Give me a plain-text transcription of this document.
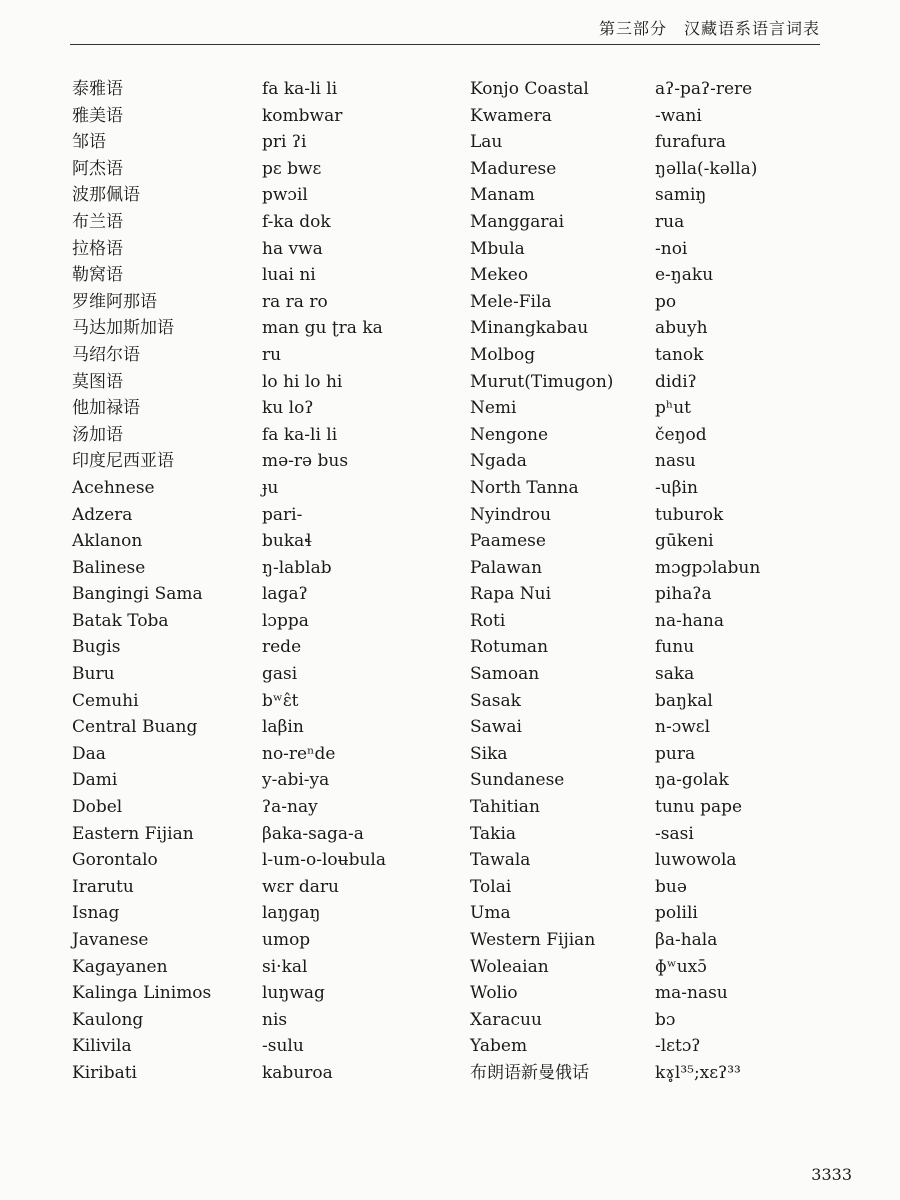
第三部分　汉藏语系语言词表
泰雅语
雅美语
邹语
阿杰语
波那佩语
布兰语
拉格语
勒窝语
罗维阿那语
马达加斯加语
马绍尔语
莫图语
他加禄语
汤加语
印度尼西亚语
Acehnese
Adzera
Aklanon
Balinese
Bangingi Sama
Batak Toba
Bugis
Buru
Cemuhi
Central Buang
Daa
Dami
Dobel
Eastern Fijian
Gorontalo
Irarutu
Isnag
Javanese
Kagayanen
Kalinga Linimos
Kaulong
Kilivila
Kiribati
fa ka-li li
kombwar
pri ʔi
pɛ bwɛ
pwɔil
f-ka dok
ha vwa
luai ni
ra ra ro
man gu ʈra ka
ru
lo hi lo hi
ku loʔ
fa ka-li li
mə-rə bus
ɟu
pari-
bukaɬ
ŋ-lablab
lagaʔ
lɔppa
rede
gasi
bʷɛ̂t
laβin
no-reⁿde
y-abi-ya
ʔa-nay
βaka-saga-a
l-um-o-loʉbula
wɛr daru
laŋgaŋ
umop
si·kal
luŋwag
nis
-sulu
kaburoa
Konjo Coastal
Kwamera
Lau
Madurese
Manam
Manggarai
Mbula
Mekeo
Mele-Fila
Minangkabau
Molbog
Murut(Timugon)
Nemi
Nengone
Ngada
North Tanna
Nyindrou
Paamese
Palawan
Rapa Nui
Roti
Rotuman
Samoan
Sasak
Sawai
Sika
Sundanese
Tahitian
Takia
Tawala
Tolai
Uma
Western Fijian
Woleaian
Wolio
Xaracuu
Yabem
布朗语新曼俄话
aʔ-paʔ-rere
-wani
furafura
ŋəlla(-kəlla)
samiŋ
rua
-noi
e-ŋaku
po
abuyh
tanok
didiʔ
pʰut
čeŋod
nasu
-uβin
tuburok
gūkeni
mɔgpɔlabun
pihaʔa
na-hana
funu
saka
baŋkal
n-ɔwɛl
pura
ŋa-golak
tunu pape
-sasi
luwowola
buə
polili
βa-hala
ɸʷuxɔ̄
ma-nasu
bɔ
-lɛtɔʔ
kɤ̥l³⁵;xɛʔ³³
3333
